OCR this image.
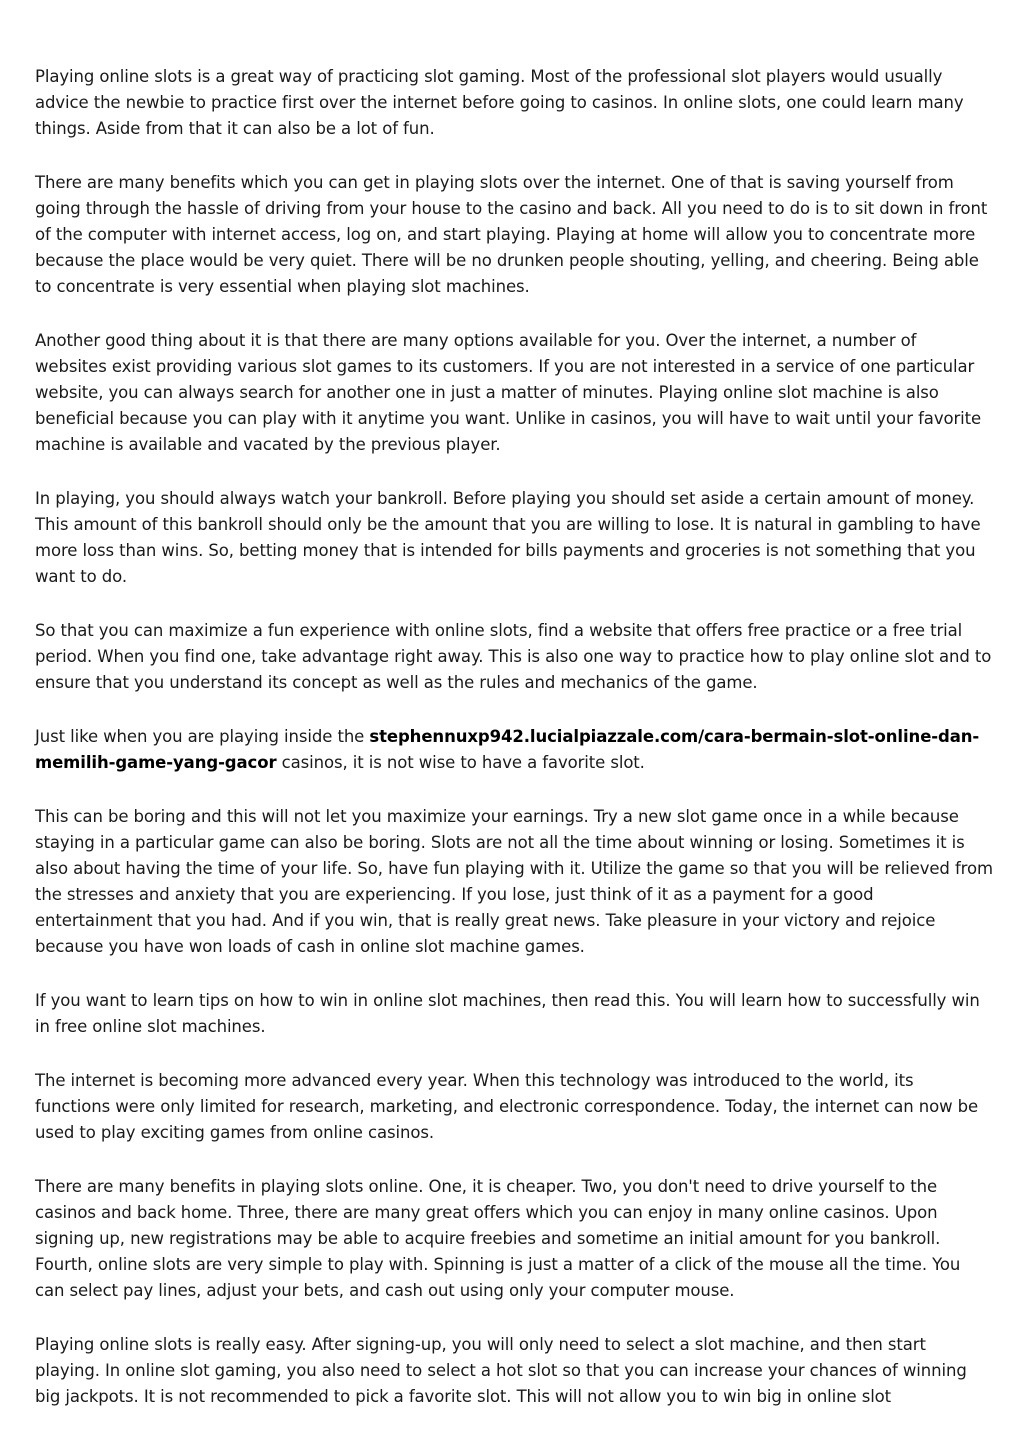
Playing online slots is a great way of practicing slot gaming. Most of the professional slot players would usually advice the newbie to practice first over the internet before going to casinos. In online slots, one could learn many things. Aside from that it can also be a lot of fun.

There are many benefits which you can get in playing slots over the internet. One of that is saving yourself from going through the hassle of driving from your house to the casino and back. All you need to do is to sit down in front of the computer with internet access, log on, and start playing. Playing at home will allow you to concentrate more because the place would be very quiet. There will be no drunken people shouting, yelling, and cheering. Being able to concentrate is very essential when playing slot machines.

Another good thing about it is that there are many options available for you. Over the internet, a number of websites exist providing various slot games to its customers. If you are not interested in a service of one particular website, you can always search for another one in just a matter of minutes. Playing online slot machine is also beneficial because you can play with it anytime you want. Unlike in casinos, you will have to wait until your favorite machine is available and vacated by the previous player.

In playing, you should always watch your bankroll. Before playing you should set aside a certain amount of money. This amount of this bankroll should only be the amount that you are willing to lose. It is natural in gambling to have more loss than wins. So, betting money that is intended for bills payments and groceries is not something that you want to do.

So that you can maximize a fun experience with online slots, find a website that offers free practice or a free trial period. When you find one, take advantage right away. This is also one way to practice how to play online slot and to ensure that you understand its concept as well as the rules and mechanics of the game.

Just like when you are playing inside the stephennuxp942.lucialpiazzale.com/cara-bermain-slot-online-dan-memilih-game-yang-gacor casinos, it is not wise to have a favorite slot.

This can be boring and this will not let you maximize your earnings. Try a new slot game once in a while because staying in a particular game can also be boring. Slots are not all the time about winning or losing. Sometimes it is also about having the time of your life. So, have fun playing with it. Utilize the game so that you will be relieved from the stresses and anxiety that you are experiencing. If you lose, just think of it as a payment for a good entertainment that you had. And if you win, that is really great news. Take pleasure in your victory and rejoice because you have won loads of cash in online slot machine games.

If you want to learn tips on how to win in online slot machines, then read this. You will learn how to successfully win in free online slot machines.

The internet is becoming more advanced every year. When this technology was introduced to the world, its functions were only limited for research, marketing, and electronic correspondence. Today, the internet can now be used to play exciting games from online casinos.

There are many benefits in playing slots online. One, it is cheaper. Two, you don't need to drive yourself to the casinos and back home. Three, there are many great offers which you can enjoy in many online casinos. Upon signing up, new registrations may be able to acquire freebies and sometime an initial amount for you bankroll. Fourth, online slots are very simple to play with. Spinning is just a matter of a click of the mouse all the time. You can select pay lines, adjust your bets, and cash out using only your computer mouse.

Playing online slots is really easy. After signing-up, you will only need to select a slot machine, and then start playing. In online slot gaming, you also need to select a hot slot so that you can increase your chances of winning big jackpots. It is not recommended to pick a favorite slot. This will not allow you to win big in online slot
